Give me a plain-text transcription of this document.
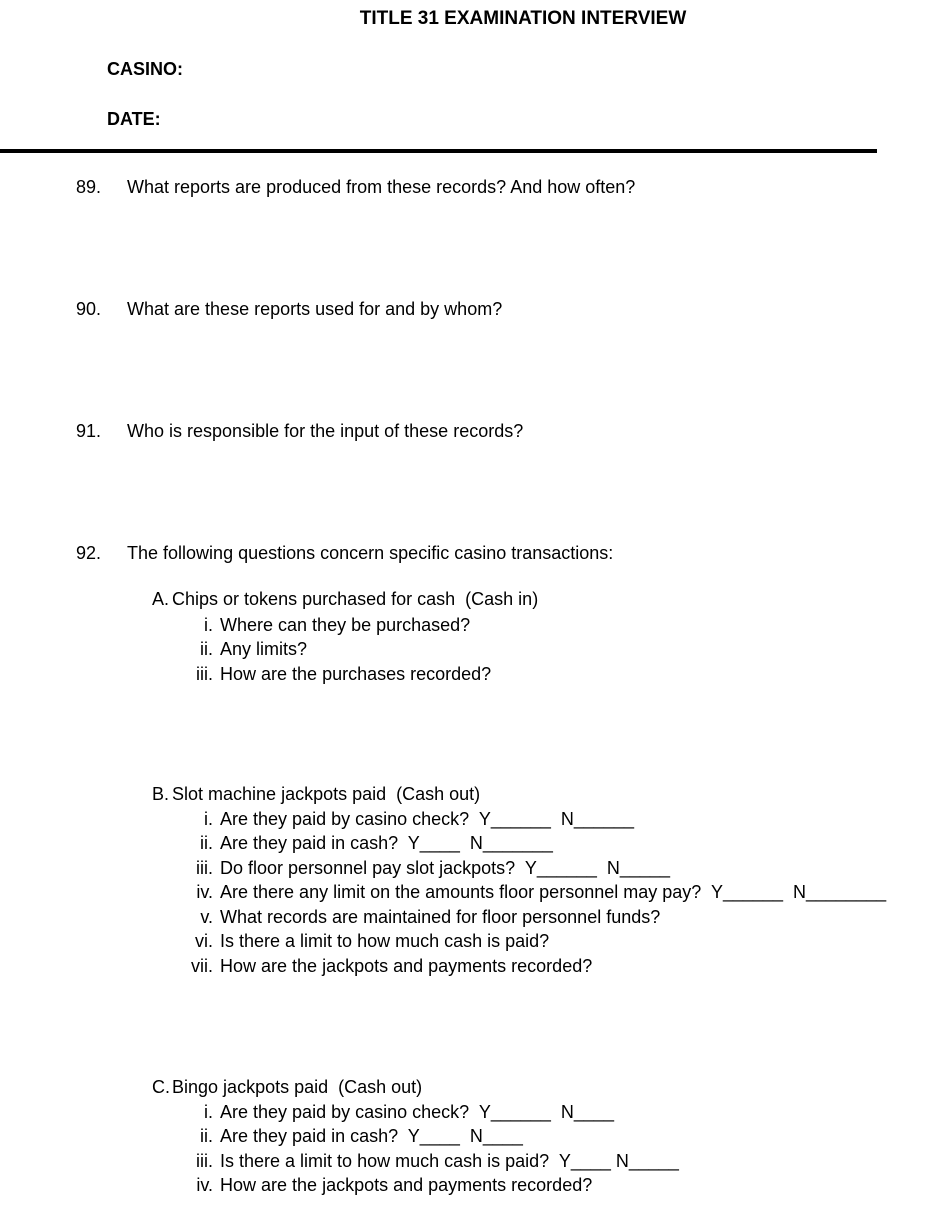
TITLE 31 EXAMINATION INTERVIEW
CASINO:
DATE:

89. What reports are produced from these records? And how often?

90. What are these reports used for and by whom?

91. Who is responsible for the input of these records?

92. The following questions concern specific casino transactions:

A. Chips or tokens purchased for cash  (Cash in)

i. Where can they be purchased?

ii. Any limits?

iii. How are the purchases recorded?

B. Slot machine jackpots paid  (Cash out)

i. Are they paid by casino check?  Y______  N______

ii. Are they paid in cash?  Y____  N_______

iii. Do floor personnel pay slot jackpots?  Y______  N_____

iv. Are there any limit on the amounts floor personnel may pay?  Y______  N________

v. What records are maintained for floor personnel funds?

vi. Is there a limit to how much cash is paid?

vii. How are the jackpots and payments recorded?

C. Bingo jackpots paid  (Cash out)

i. Are they paid by casino check?  Y______  N____

ii. Are they paid in cash?  Y____  N____

iii. Is there a limit to how much cash is paid?  Y____ N_____

iv. How are the jackpots and payments recorded?
